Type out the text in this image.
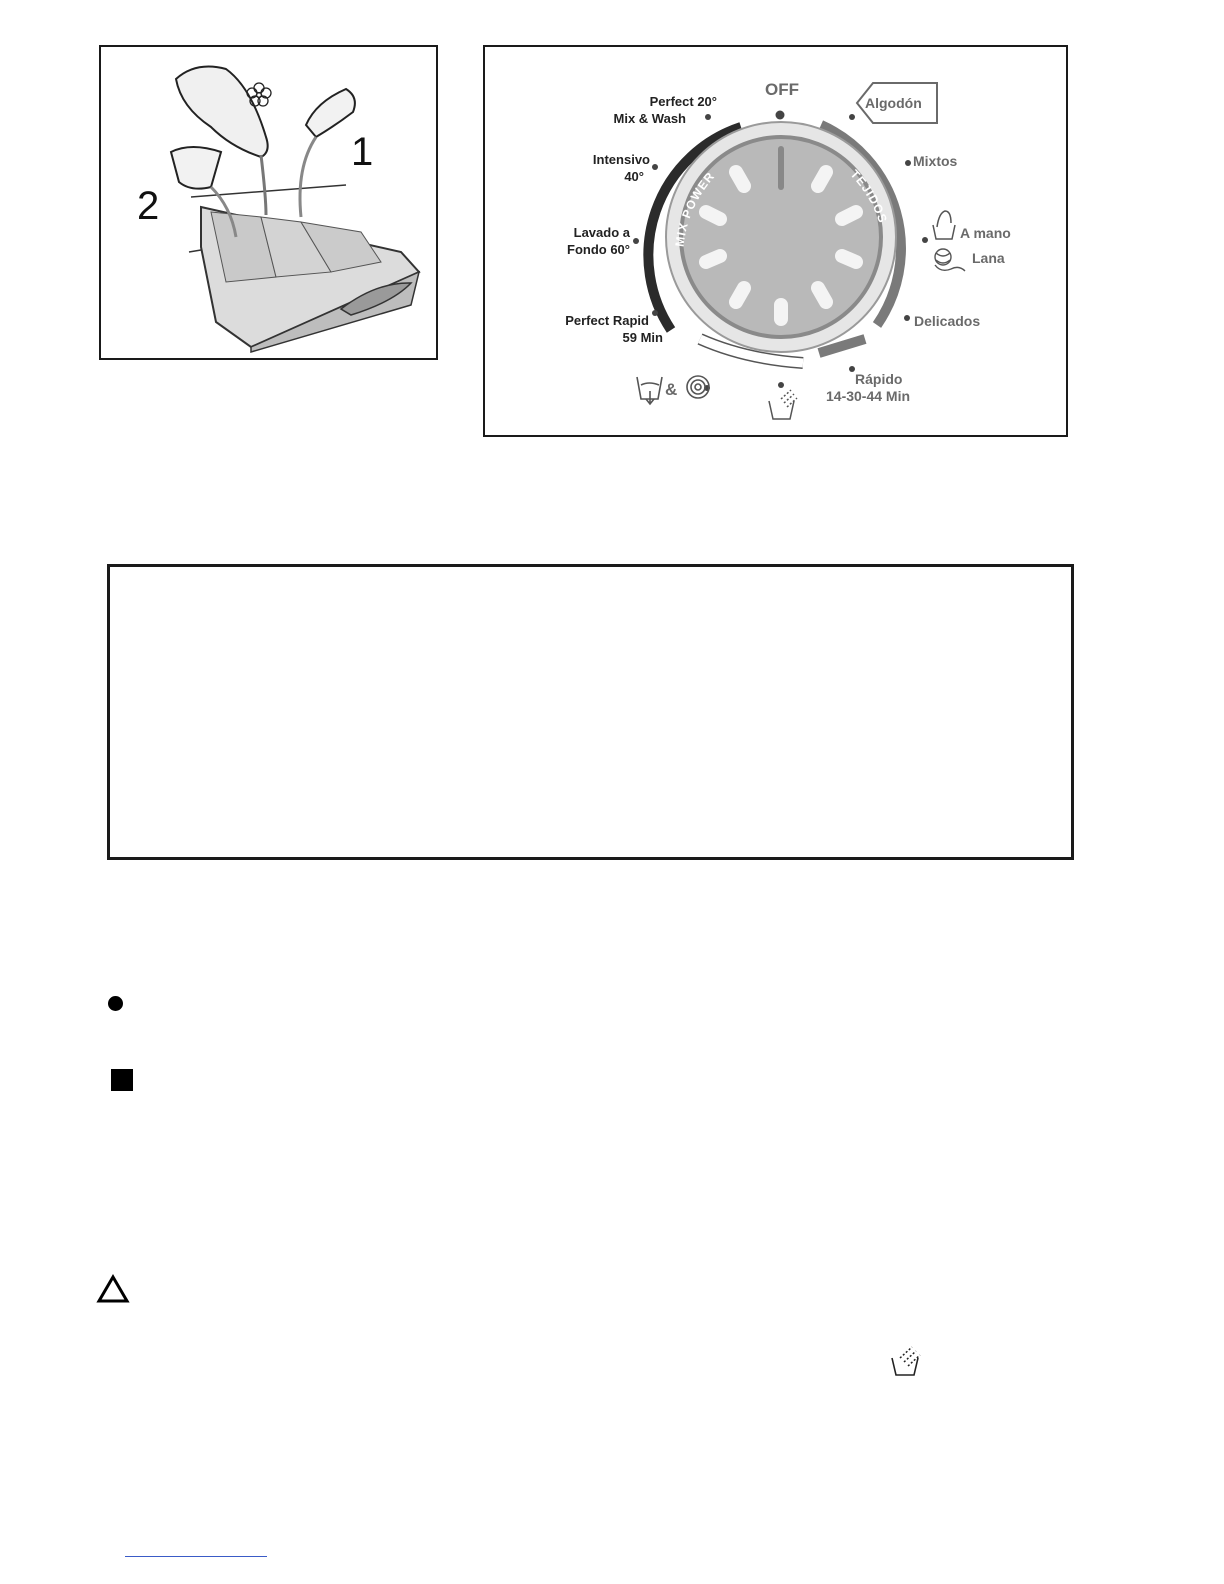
1
2
MIX POWER	TEJIDOS
OFF
Perfect 20°
Mix & Wash
Intensivo
40°
Lavado a
Fondo 60°
Perfect Rapid
59 Min
&
Algodón
Mixtos
A mano
Lana
Delicados
Rápido
14-30-44 Min
